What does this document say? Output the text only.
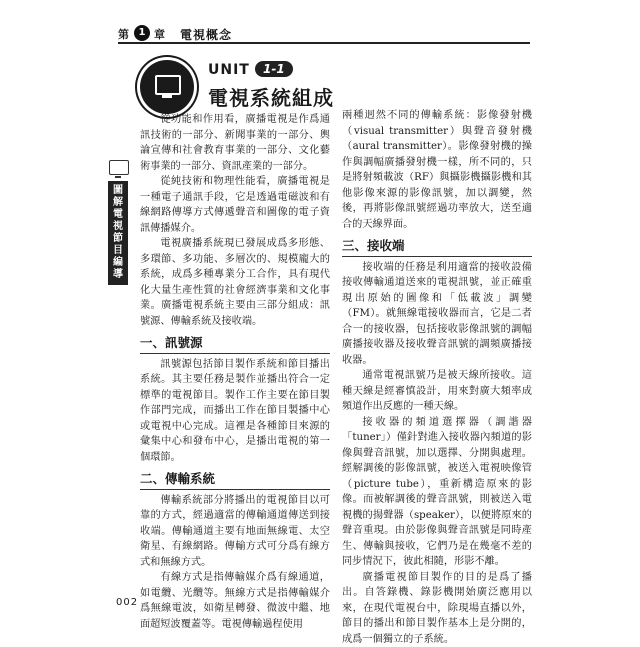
第 1 章 電視概念
圖解電視節目編導
UNIT	1-1
電視系統組成

從功能和作用看，廣播電視是作爲通訊技術的一部分、新聞事業的一部分、輿論宣傳和社會教育事業的一部分、文化藝術事業的一部分、資訊產業的一部分。

從純技術和物理性能看，廣播電視是一種電子通訊手段，它是透過電磁波和有線網路傳導方式傳遞聲音和圖像的電子資訊傳播媒介。

電視廣播系統現已發展成爲多形態、多環節、多功能、多層次的、規模龐大的系統，成爲多種專業分工合作，具有現代化大量生產性質的社會經濟事業和文化事業。廣播電視系統主要由三部分組成：訊號源、傳輸系統及接收端。

一、訊號源

訊號源包括節目製作系統和節目播出系統。其主要任務是製作並播出符合一定標準的電視節目。製作工作主要在節目製作部門完成，而播出工作在節目製播中心或電視中心完成。這裡是各種節目來源的彙集中心和發布中心，是播出電視的第一個環節。

二、傳輸系統

傳輸系統部分將播出的電視節目以可靠的方式，經過適當的傳輸通道傳送到接收端。傳輸通道主要有地面無線電、太空衛星、有線網路。傳輸方式可分爲有線方式和無線方式。

有線方式是指傳輸媒介爲有線通道，如電纜、光纜等。無線方式是指傳輸媒介爲無線電波，如衛星轉發、微波中繼、地面超短波覆蓋等。電視傳輸過程使用

兩種迥然不同的傳輸系統：影像發射機（visual transmitter）與聲音發射機（aural transmitter）。影像發射機的操作與調幅廣播發射機一樣，所不同的，只是將射頻載波（RF）與攝影機攝影機和其他影像來源的影像訊號，加以調變，然後，再將影像訊號經過功率放大，送至適合的天線界面。

三、接收端

接收端的任務是利用適當的接收設備接收傳輸通道送來的電視訊號，並正確重現出原始的圖像和「低載波」調變（FM）。就無線電接收器而言，它是二者合一的接收器，包括接收影像訊號的調幅廣播接收器及接收聲音訊號的調頻廣播接收器。

通常電視訊號乃是被天線所接收。這種天線是經審慎設計，用來對廣大頻率成頻道作出反應的一種天線。

接收器的頻道選擇器（調諧器「tuner」）僅針對進入接收器內頻道的影像與聲音訊號，加以選擇、分開與處理。經解調後的影像訊號，被送入電視映像管（picture tube），重新構造原來的影像。而被解調後的聲音訊號，則被送入電視機的揚聲器（speaker），以便將原來的聲音重現。由於影像與聲音訊號是同時產生、傳輸與接收，它們乃是在幾毫不差的同步情況下，彼此相隨，形影不離。

廣播電視節目製作的目的是爲了播出。自答錄機、錄影機開始廣泛應用以來，在現代電視台中，除現場直播以外，節目的播出和節目製作基本上是分開的，成爲一個獨立的子系統。

002
